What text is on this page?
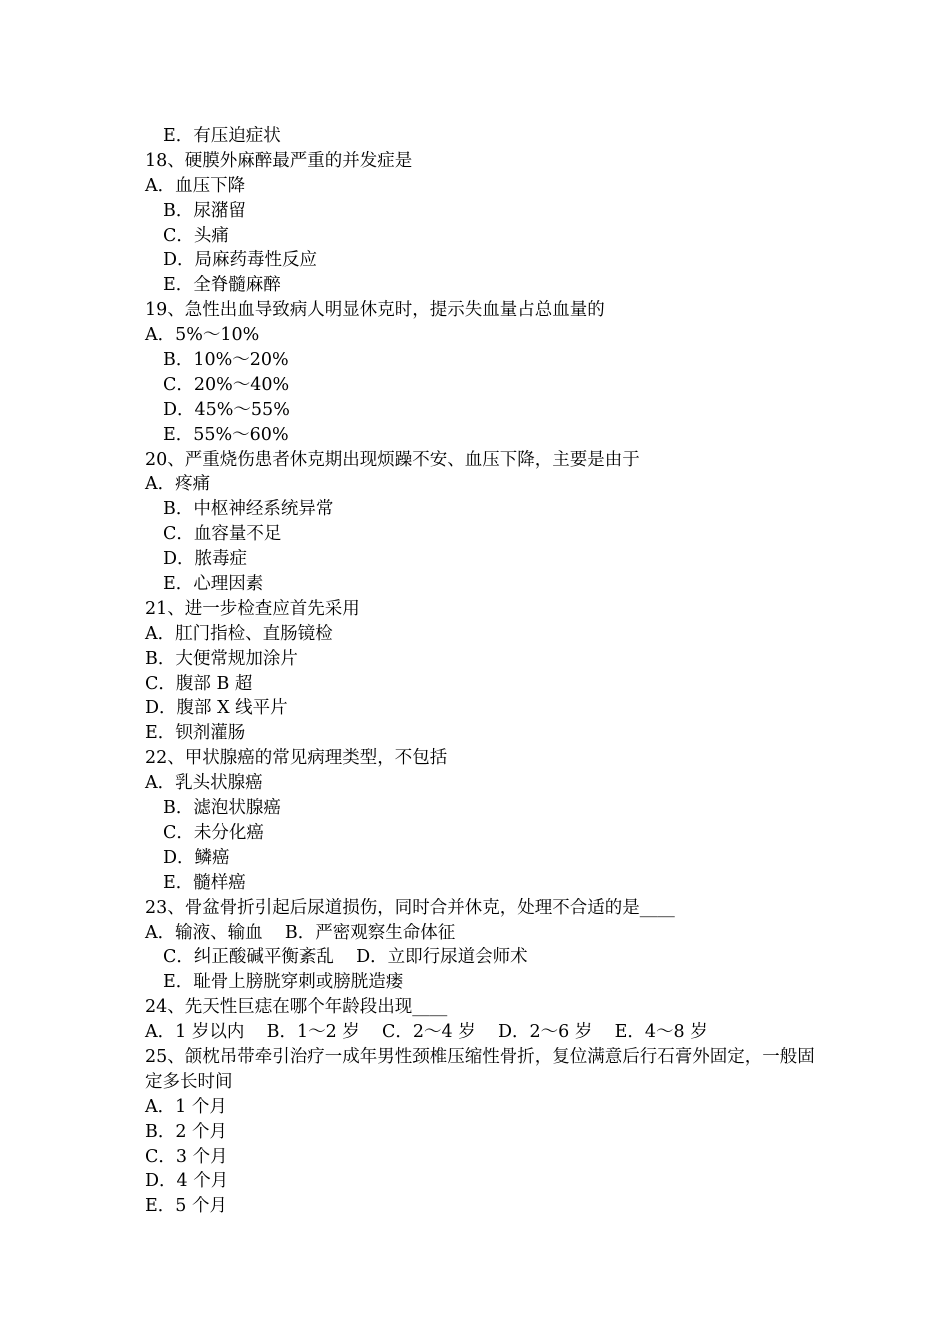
E．有压迫症状
18、硬膜外麻醉最严重的并发症是
A．血压下降
B．尿潴留
C．头痛
D．局麻药毒性反应
E．全脊髓麻醉
19、急性出血导致病人明显休克时，提示失血量占总血量的
A．5%～10%
B．10%～20%
C．20%～40%
D．45%～55%
E．55%～60%
20、严重烧伤患者休克期出现烦躁不安、血压下降，主要是由于
A．疼痛
B．中枢神经系统异常
C．血容量不足
D．脓毒症
E．心理因素
21、进一步检查应首先采用
A．肛门指检、直肠镜检
B．大便常规加涂片
C．腹部 B 超
D．腹部 X 线平片
E．钡剂灌肠
22、甲状腺癌的常见病理类型，不包括
A．乳头状腺癌
B．滤泡状腺癌
C．未分化癌
D．鳞癌
E．髓样癌
23、骨盆骨折引起后尿道损伤，同时合并休克，处理不合适的是____
A．输液、输血    B．严密观察生命体征
C．纠正酸碱平衡紊乱    D．立即行尿道会师术
E．耻骨上膀胱穿刺或膀胱造瘘
24、先天性巨痣在哪个年龄段出现____
A．1 岁以内    B．1～2 岁    C．2～4 岁    D．2～6 岁    E．4～8 岁
25、颌枕吊带牵引治疗一成年男性颈椎压缩性骨折，复位满意后行石膏外固定，一般固定多长时间
A．1 个月
B．2 个月
C．3 个月
D．4 个月
E．5 个月
